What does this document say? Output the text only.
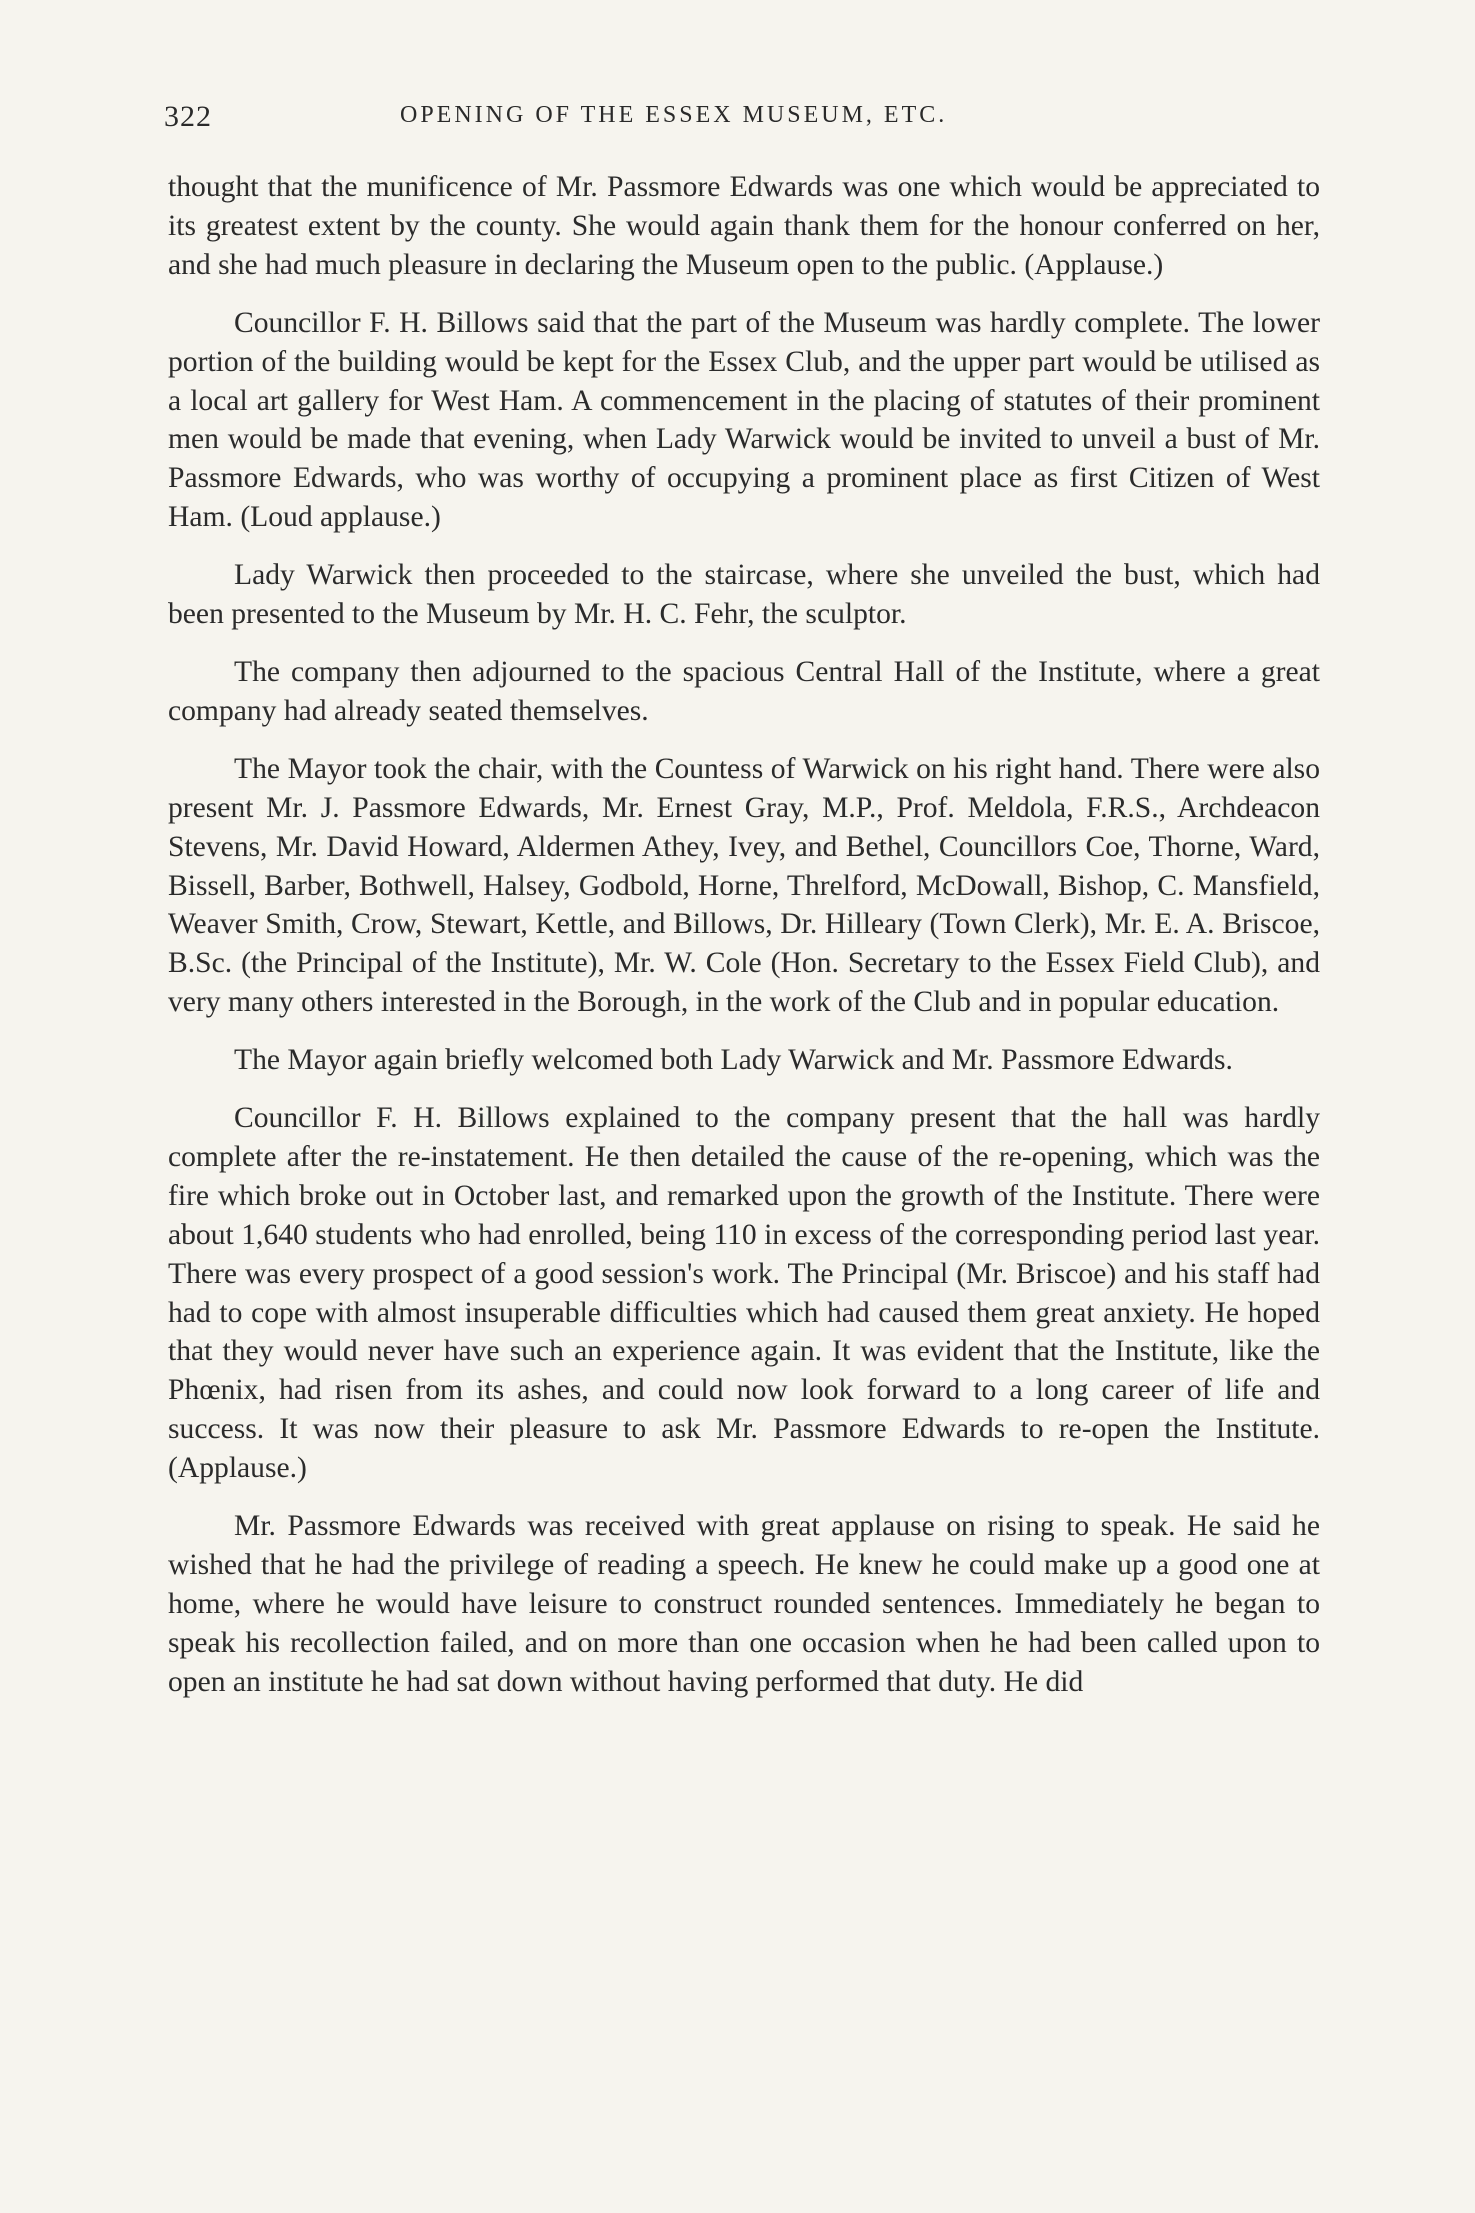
322	OPENING OF THE ESSEX MUSEUM, ETC.

thought that the munificence of Mr. Passmore Edwards was one which would be appreciated to its greatest extent by the county. She would again thank them for the honour conferred on her, and she had much pleasure in declaring the Museum open to the public. (Applause.)

Councillor F. H. Billows said that the part of the Museum was hardly complete. The lower portion of the building would be kept for the Essex Club, and the upper part would be utilised as a local art gallery for West Ham. A commencement in the placing of statutes of their prominent men would be made that evening, when Lady Warwick would be invited to unveil a bust of Mr. Passmore Edwards, who was worthy of occupying a prominent place as first Citizen of West Ham. (Loud applause.)

Lady Warwick then proceeded to the staircase, where she unveiled the bust, which had been presented to the Museum by Mr. H. C. Fehr, the sculptor.

The company then adjourned to the spacious Central Hall of the Institute, where a great company had already seated themselves.

The Mayor took the chair, with the Countess of Warwick on his right hand. There were also present Mr. J. Passmore Edwards, Mr. Ernest Gray, M.P., Prof. Meldola, F.R.S., Archdeacon Stevens, Mr. David Howard, Aldermen Athey, Ivey, and Bethel, Councillors Coe, Thorne, Ward, Bissell, Barber, Bothwell, Halsey, Godbold, Horne, Threlford, McDowall, Bishop, C. Mansfield, Weaver Smith, Crow, Stewart, Kettle, and Billows, Dr. Hilleary (Town Clerk), Mr. E. A. Briscoe, B.Sc. (the Principal of the Institute), Mr. W. Cole (Hon. Secretary to the Essex Field Club), and very many others interested in the Borough, in the work of the Club and in popular education.

The Mayor again briefly welcomed both Lady Warwick and Mr. Passmore Edwards.

Councillor F. H. Billows explained to the company present that the hall was hardly complete after the re-instatement. He then detailed the cause of the re-opening, which was the fire which broke out in October last, and remarked upon the growth of the Institute. There were about 1,640 students who had enrolled, being 110 in excess of the corresponding period last year. There was every prospect of a good session's work. The Principal (Mr. Briscoe) and his staff had had to cope with almost insuperable difficulties which had caused them great anxiety. He hoped that they would never have such an experience again. It was evident that the Institute, like the Phœnix, had risen from its ashes, and could now look forward to a long career of life and success. It was now their pleasure to ask Mr. Passmore Edwards to re-open the Institute. (Applause.)

Mr. Passmore Edwards was received with great applause on rising to speak. He said he wished that he had the privilege of reading a speech. He knew he could make up a good one at home, where he would have leisure to construct rounded sentences. Immediately he began to speak his recollection failed, and on more than one occasion when he had been called upon to open an institute he had sat down without having performed that duty. He did
